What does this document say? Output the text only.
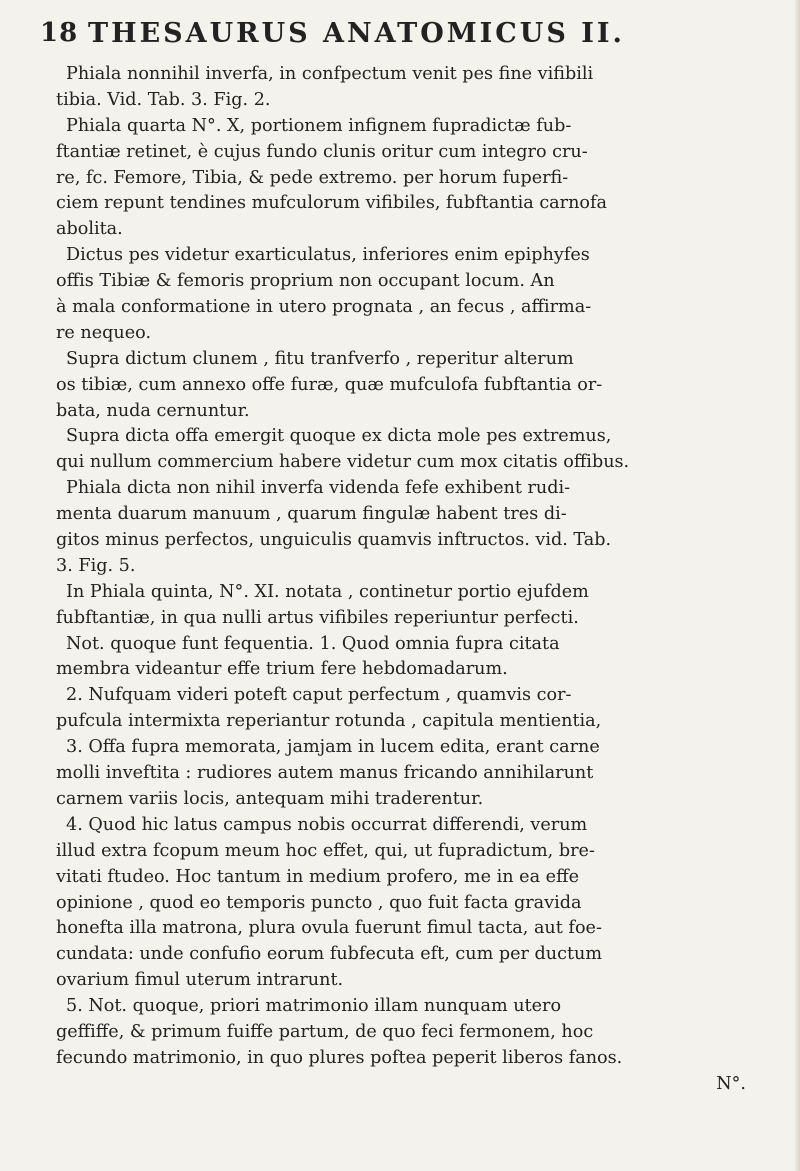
18 THESAURUS ANATOMICUS II.
Phiala nonnihil inverfa, in confpectum venit pes fine vifibili
tibia. Vid. Tab. 3. Fig. 2.
Phiala quarta N°. X, portionem infignem fupradictæ fub-
ftantiæ retinet, è cujus fundo clunis oritur cum integro cru-
re, fc. Femore, Tibia, & pede extremo. per horum fuperfi-
ciem repunt tendines mufculorum vifibiles, fubftantia carnofa
abolita.
Dictus pes videtur exarticulatus, inferiores enim epiphyfes
offis Tibiæ & femoris proprium non occupant locum. An
à mala conformatione in utero prognata , an fecus , affirma-
re nequeo.
Supra dictum clunem , fitu tranfverfo , reperitur alterum
os tibiæ, cum annexo offe furæ, quæ mufculofa fubftantia or-
bata, nuda cernuntur.
Supra dicta offa emergit quoque ex dicta mole pes extremus,
qui nullum commercium habere videtur cum mox citatis offibus.
Phiala dicta non nihil inverfa videnda fefe exhibent rudi-
menta duarum manuum , quarum fingulæ habent tres di-
gitos minus perfectos, unguiculis quamvis inftructos. vid. Tab.
3. Fig. 5.
In Phiala quinta, N°. XI. notata , continetur portio ejufdem
fubftantiæ, in qua nulli artus vifibiles reperiuntur perfecti.
Not. quoque funt fequentia. 1. Quod omnia fupra citata
membra videantur effe trium fere hebdomadarum.
2. Nufquam videri poteft caput perfectum , quamvis cor-
pufcula intermixta reperiantur rotunda , capitula mentientia,
3. Offa fupra memorata, jamjam in lucem edita, erant carne
molli inveftita : rudiores autem manus fricando annihilarunt
carnem variis locis, antequam mihi traderentur.
4. Quod hic latus campus nobis occurrat differendi, verum
illud extra fcopum meum hoc effet, qui, ut fupradictum, bre-
vitati ftudeo. Hoc tantum in medium profero, me in ea effe
opinione , quod eo temporis puncto , quo fuit facta gravida
honefta illa matrona, plura ovula fuerunt fimul tacta, aut foe-
cundata: unde confufio eorum fubfecuta eft, cum per ductum
ovarium fimul uterum intrarunt.
5. Not. quoque, priori matrimonio illam nunquam utero
geffiffe, & primum fuiffe partum, de quo feci fermonem, hoc
fecundo matrimonio, in quo plures poftea peperit liberos fanos.
N°.
